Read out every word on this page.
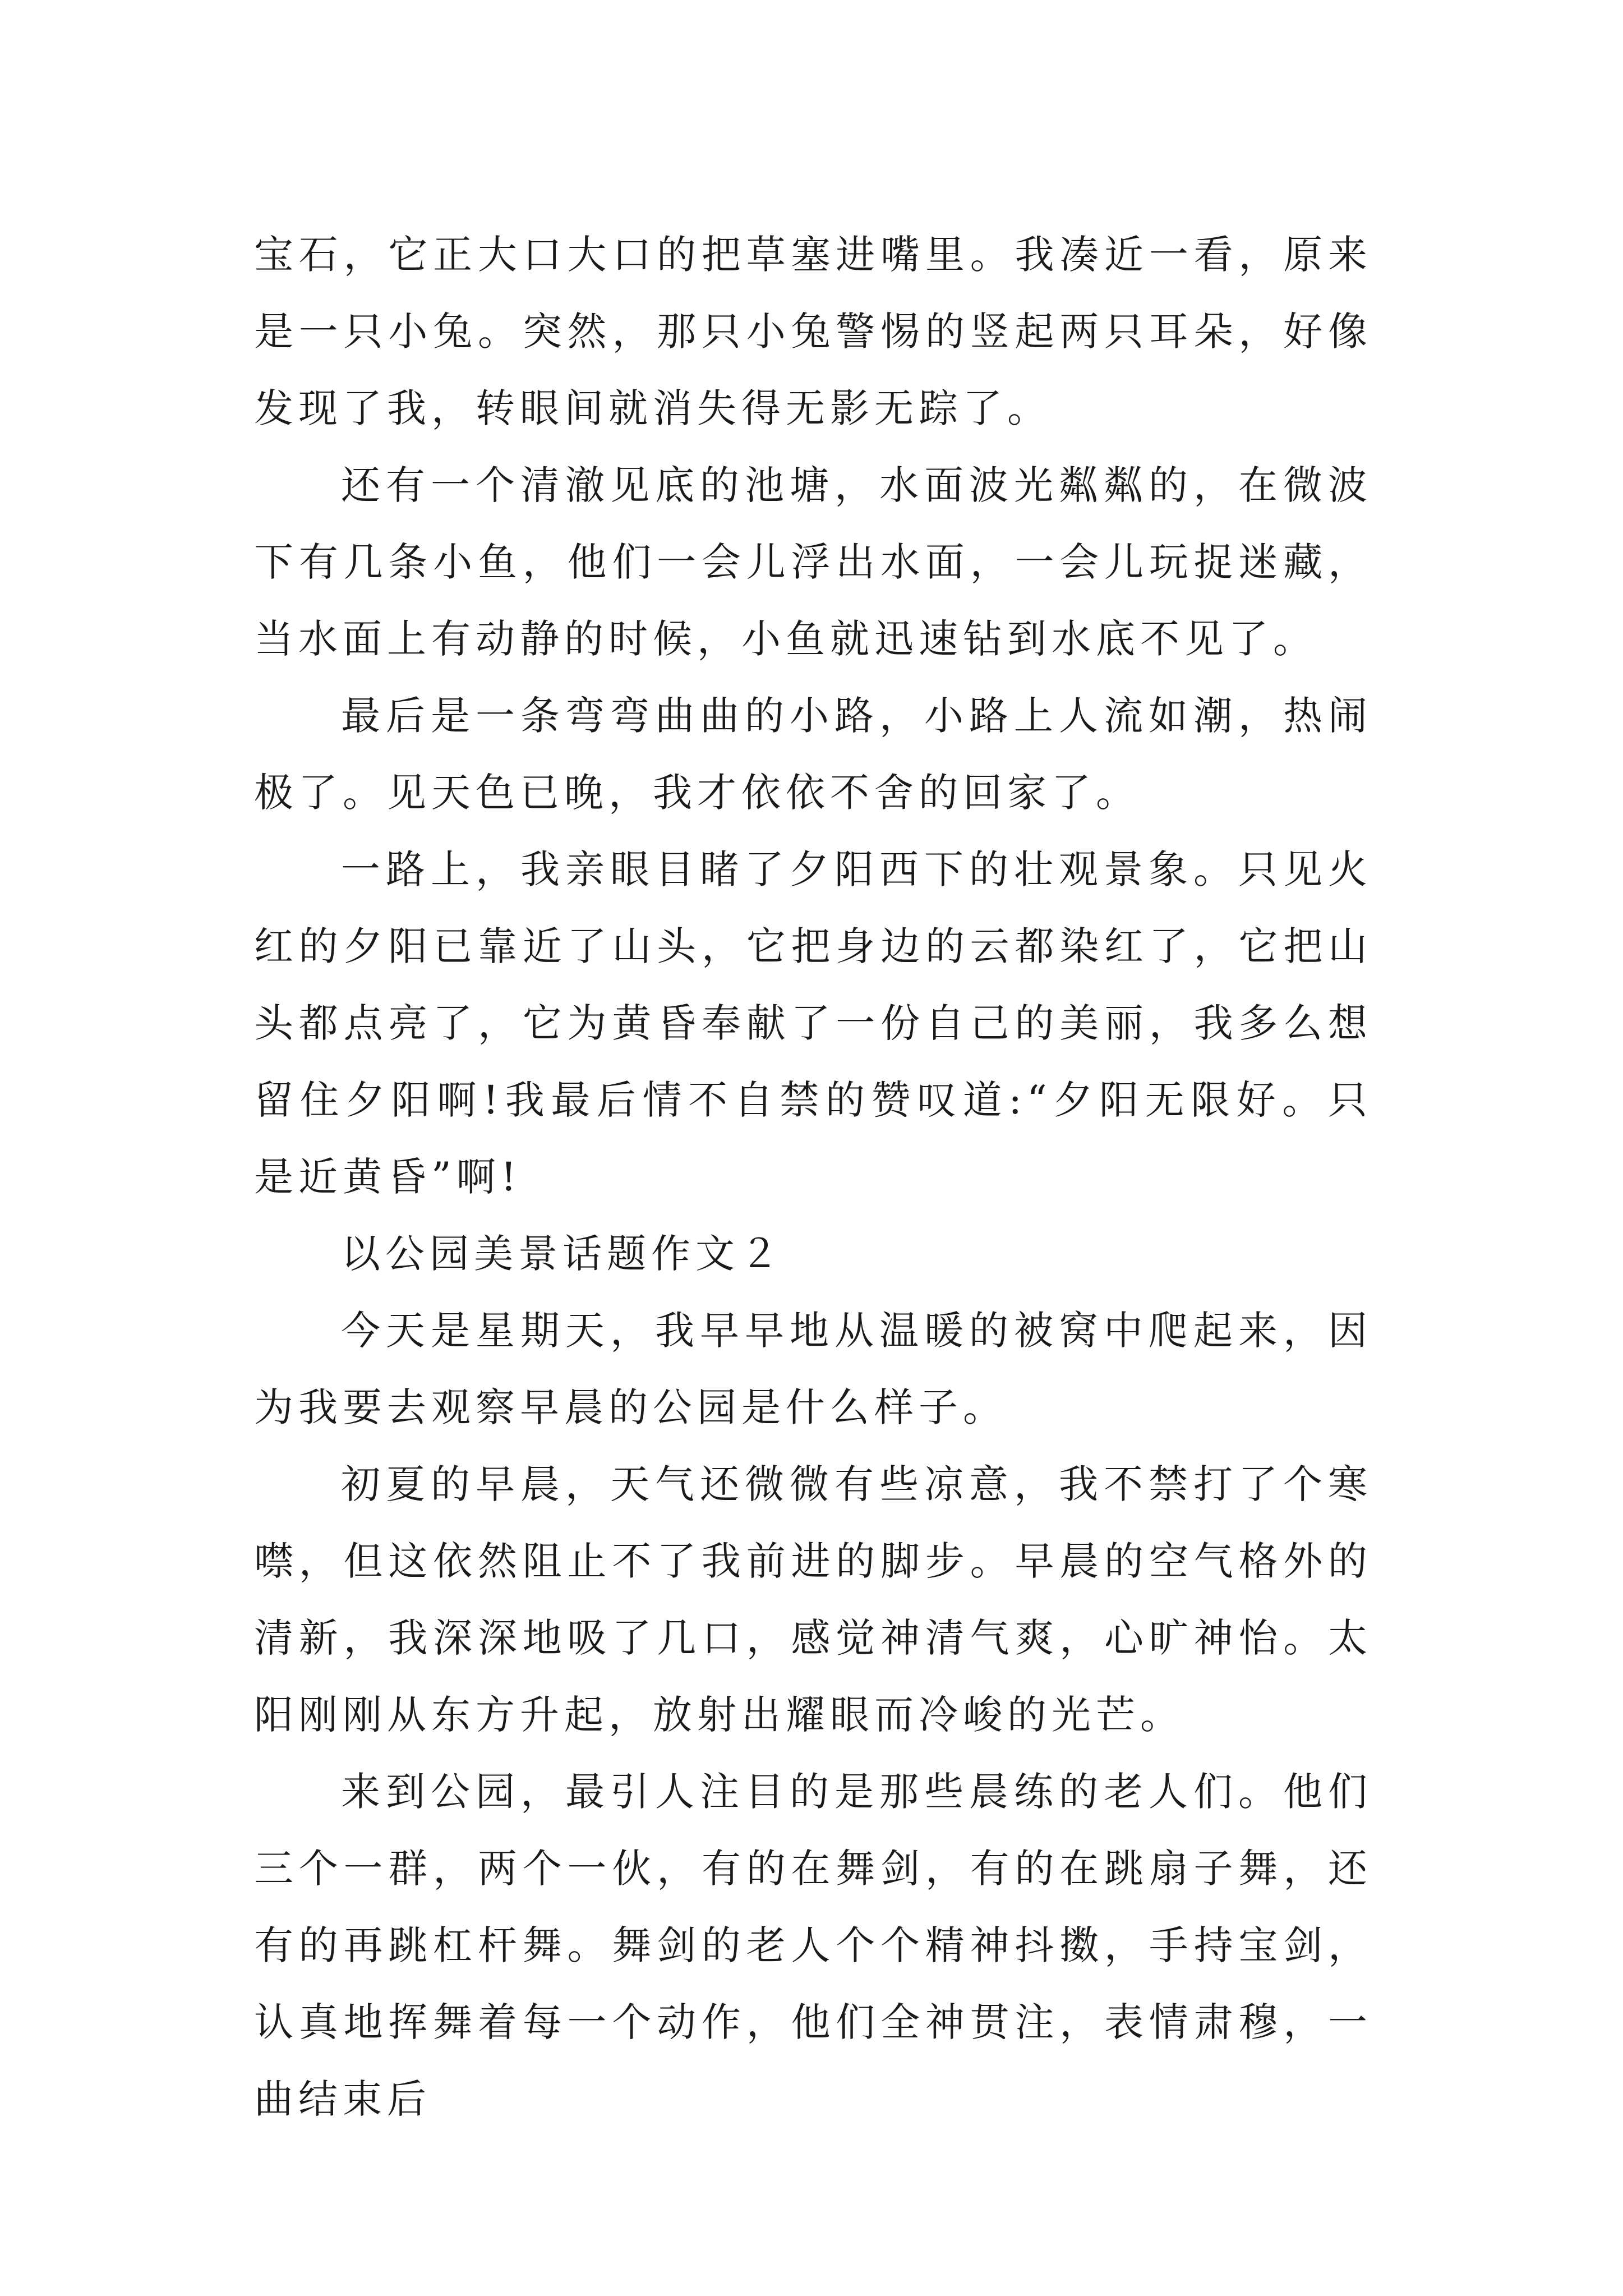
宝石，它正大口大口的把草塞进嘴里。我凑近一看，原来是一只小兔。突然，那只小兔警惕的竖起两只耳朵，好像发现了我，转眼间就消失得无影无踪了。

还有一个清澈见底的池塘，水面波光粼粼的，在微波下有几条小鱼，他们一会儿浮出水面，一会儿玩捉迷藏，当水面上有动静的时候，小鱼就迅速钻到水底不见了。

最后是一条弯弯曲曲的小路，小路上人流如潮，热闹极了。见天色已晚，我才依依不舍的回家了。

一路上，我亲眼目睹了夕阳西下的壮观景象。只见火红的夕阳已靠近了山头，它把身边的云都染红了，它把山头都点亮了，它为黄昏奉献了一份自己的美丽，我多么想留住夕阳啊!我最后情不自禁的赞叹道:“夕阳无限好。只是近黄昏”啊!

以公园美景话题作文２

今天是星期天，我早早地从温暖的被窝中爬起来，因为我要去观察早晨的公园是什么样子。

初夏的早晨，天气还微微有些凉意，我不禁打了个寒噤，但这依然阻止不了我前进的脚步。早晨的空气格外的清新，我深深地吸了几口，感觉神清气爽，心旷神怡。太阳刚刚从东方升起，放射出耀眼而冷峻的光芒。

来到公园，最引人注目的是那些晨练的老人们。他们三个一群，两个一伙，有的在舞剑，有的在跳扇子舞，还有的再跳杠杆舞。舞剑的老人个个精神抖擞，手持宝剑，认真地挥舞着每一个动作，他们全神贯注，表情肃穆，一曲结束后
